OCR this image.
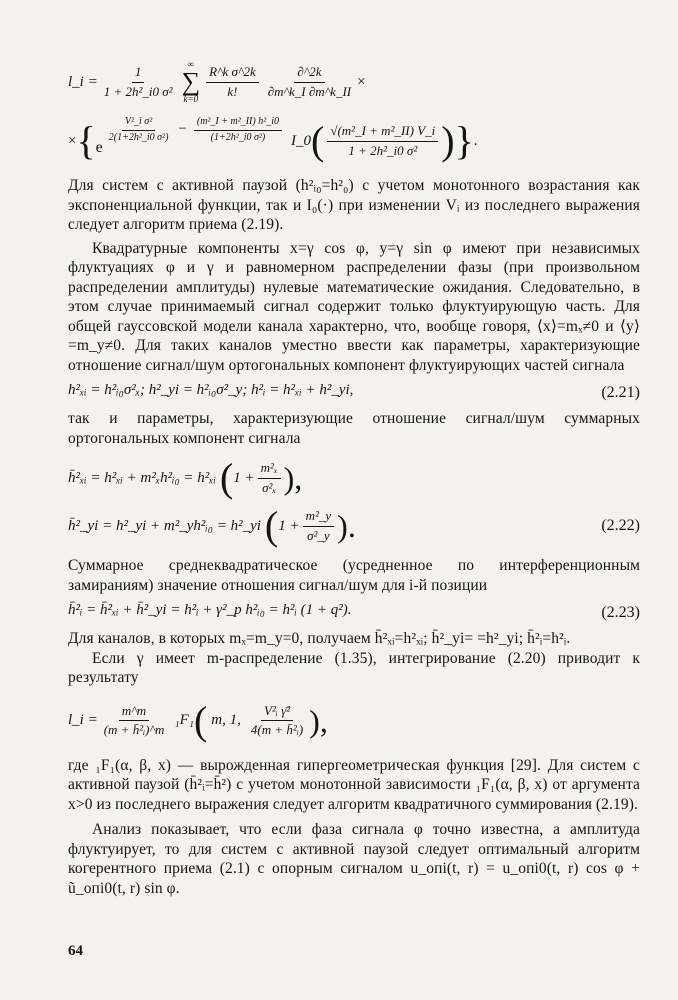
l_i = $\frac{1}{\text{1 + 2h²\_i0 σ²}}$
∞
∑
$k=0 \frac{\text{R\textasciicircum{}k σ\textasciicircum{}2k}}{k!} \frac{\partial\^{}2k}{\partial m\^{}k\_I \partial m\^{}k\_II}$ ×
× { e
$\frac{\text{V²\_i σ²}}{\text{2(1+2h²\_i0 σ²)}} - \frac{\text{(m²\_I + m²\_II) h²\_i0}}{\text{(1+2h²\_i0 σ²)}}$ I_0 ( $\frac{\text{√(m²\_I + m²\_II) V\_i}}{\text{1 + 2h²\_i0 σ²}}$ ) } .

Для систем с активной паузой (h²ᵢ₀=h²₀) с учетом монотонного возрастания как экспоненциальной функции, так и I₀(·) при изменении Vᵢ из последнего выражения следует алгоритм приема (2.19).

Квадратурные компоненты x=γ cos φ, y=γ sin φ имеют при независимых флуктуациях φ и γ и равномерном распределении фазы (при произвольном распределении амплитуды) нулевые математические ожидания. Следовательно, в этом случае принимаемый сигнал содержит только флуктуирующую часть. Для общей гауссовской модели канала характерно, что, вообще говоря, ⟨x⟩=mₓ≠0 и ⟨y⟩=m_y≠0. Для таких каналов уместно ввести как параметры, характеризующие отношение сигнал/шум ортогональных компонент флуктуирующих частей сигнала

h²ₓᵢ = h²ᵢ₀σ²ₓ; h²_yi = h²ᵢ₀σ²_y; h²ᵢ = h²ₓᵢ + h²_yi,	(2.21)

так и параметры, характеризующие отношение сигнал/шум суммарных ортогональных компонент сигнала

h̄²ₓᵢ = h²ₓᵢ + m²ₓh²ᵢ₀ = h²ₓᵢ ( $1 + \frac{\text{m²ₓ}}{\text{σ²ₓ}}$ ),
h̄²_yi = h²_yi + m²_yh²ᵢ₀ = h²_yi ( $1 + \frac{\text{m²\_y}}{\text{σ²\_y}}$ ).	(2.22)

Суммарное среднеквадратическое (усредненное по интерференционным замираниям) значение отношения сигнал/шум для i-й позиции

h̄²ᵢ = h̄²ₓᵢ + h̄²_yi = h²ᵢ + γ²_p h²ᵢ₀ = h²ᵢ (1 + q²).	(2.23)

Для каналов, в которых mₓ=m_y=0, получаем h̄²ₓᵢ=h²ₓᵢ; h̄²_yi= =h²_yi; h̄²ᵢ=h²ᵢ.

Если γ имеет m-распределение (1.35), интегрирование (2.20) приводит к результату

l_i = $\frac{m\^{}m}{\text{(m + h̄²ᵢ)\textasciicircum{}m}} _1F_1$ ( m, 1, $\frac{\text{V²ᵢ γ̄²}}{\text{4(m + h̄²ᵢ)}}$ ),

где ₁F₁(α, β, x) — вырожденная гипергеометрическая функция [29]. Для систем с активной паузой (h̄²ᵢ=h̄²) с учетом монотонной зависимости ₁F₁(α, β, x) от аргумента x>0 из последнего выражения следует алгоритм квадратичного суммирования (2.19).

Анализ показывает, что если фаза сигнала φ точно известна, а амплитуда флуктуирует, то для систем с активной паузой следует оптимальный алгоритм когерентного приема (2.1) с опорным сигналом u_опi(t, r) = u_опi0(t, r) cos φ + ũ_опi0(t, r) sin φ.

64
